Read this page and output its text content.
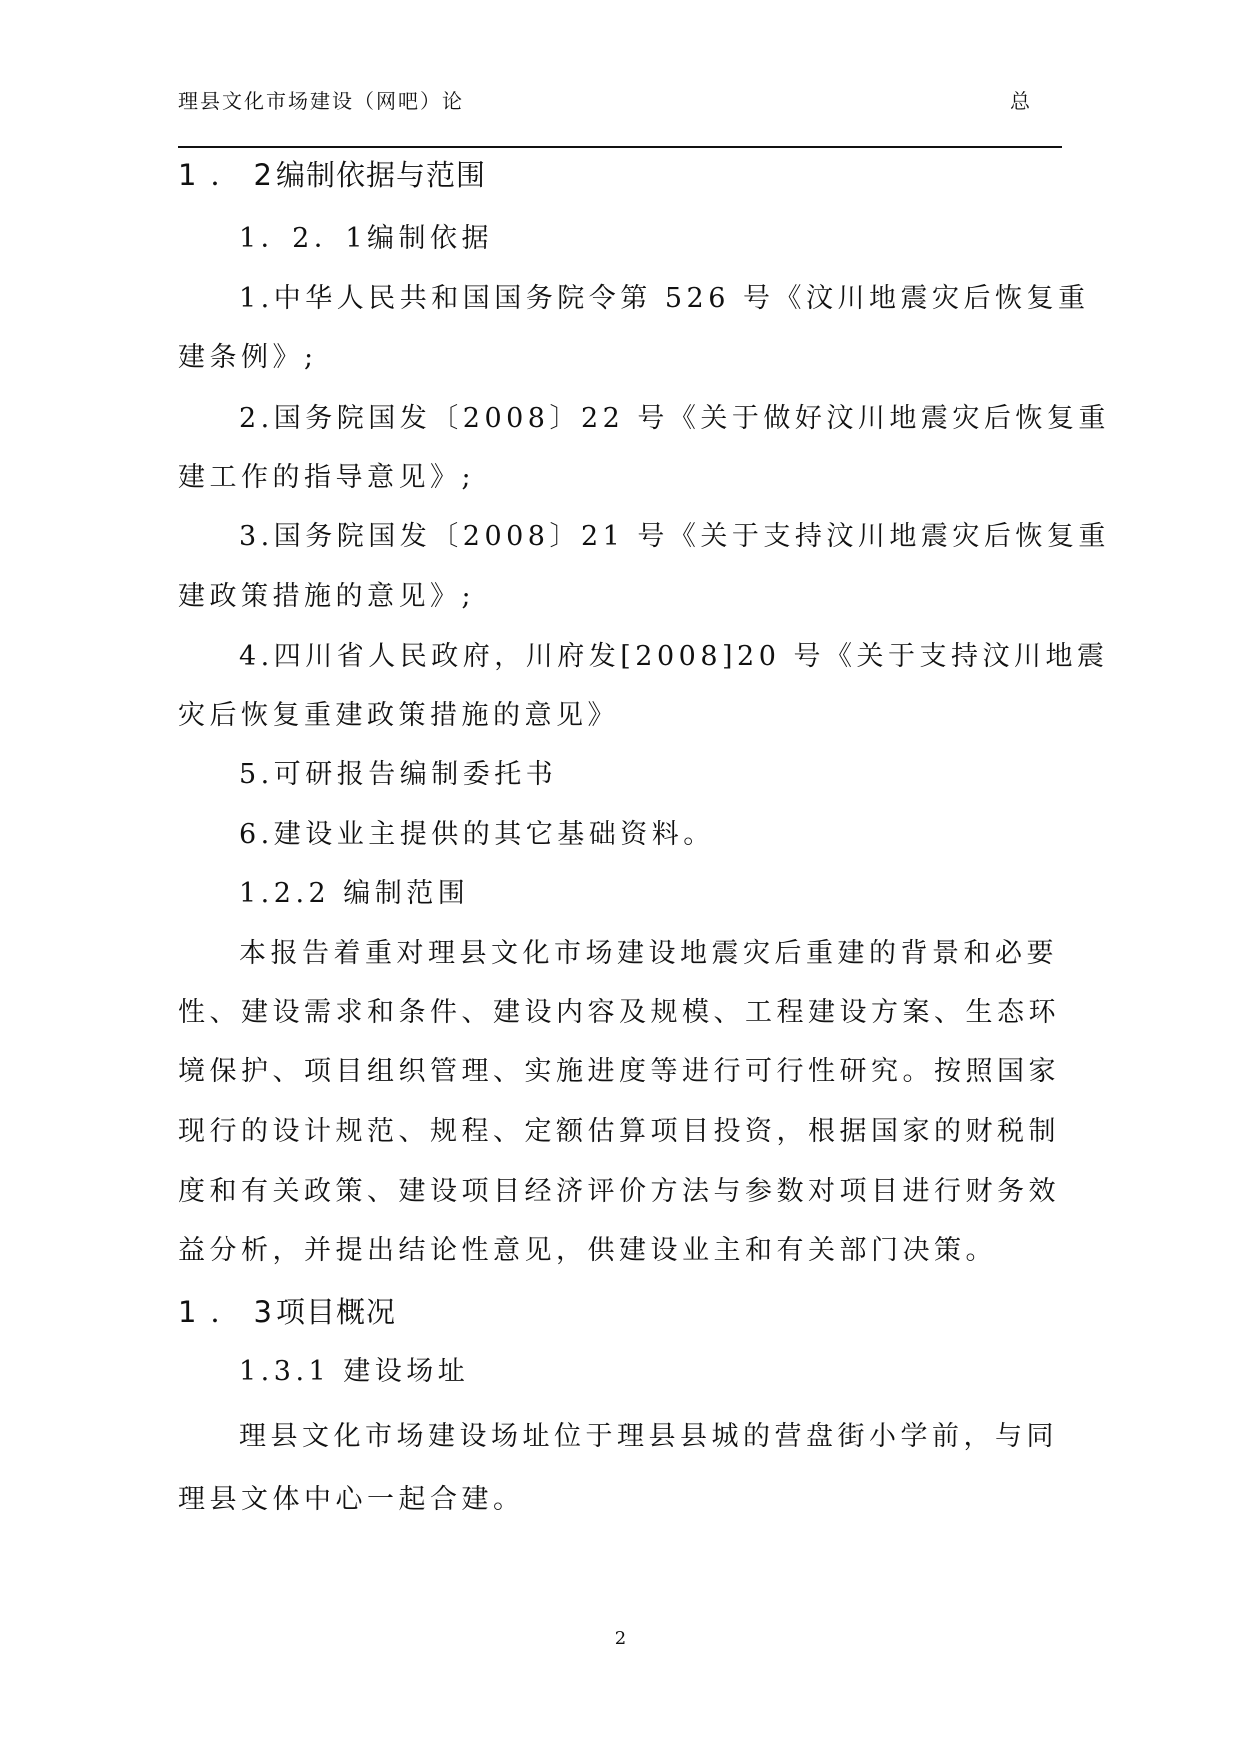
理县文化市场建设（网吧）论	总
1．2编制依据与范围
1．2．1编制依据
1.中华人民共和国国务院令第 526 号《汶川地震灾后恢复重
建条例》;
2.国务院国发〔2008〕22 号《关于做好汶川地震灾后恢复重
建工作的指导意见》;
3.国务院国发〔2008〕21 号《关于支持汶川地震灾后恢复重
建政策措施的意见》;
4.四川省人民政府，川府发[2008]20 号《关于支持汶川地震
灾后恢复重建政策措施的意见》
5.可研报告编制委托书
6.建设业主提供的其它基础资料。
1.2.2 编制范围
本报告着重对理县文化市场建设地震灾后重建的背景和必要
性、建设需求和条件、建设内容及规模、工程建设方案、生态环
境保护、项目组织管理、实施进度等进行可行性研究。按照国家
现行的设计规范、规程、定额估算项目投资，根据国家的财税制
度和有关政策、建设项目经济评价方法与参数对项目进行财务效
益分析，并提出结论性意见，供建设业主和有关部门决策。
1．3项目概况
1.3.1 建设场址
理县文化市场建设场址位于理县县城的营盘街小学前，与同
理县文体中心一起合建。
2
